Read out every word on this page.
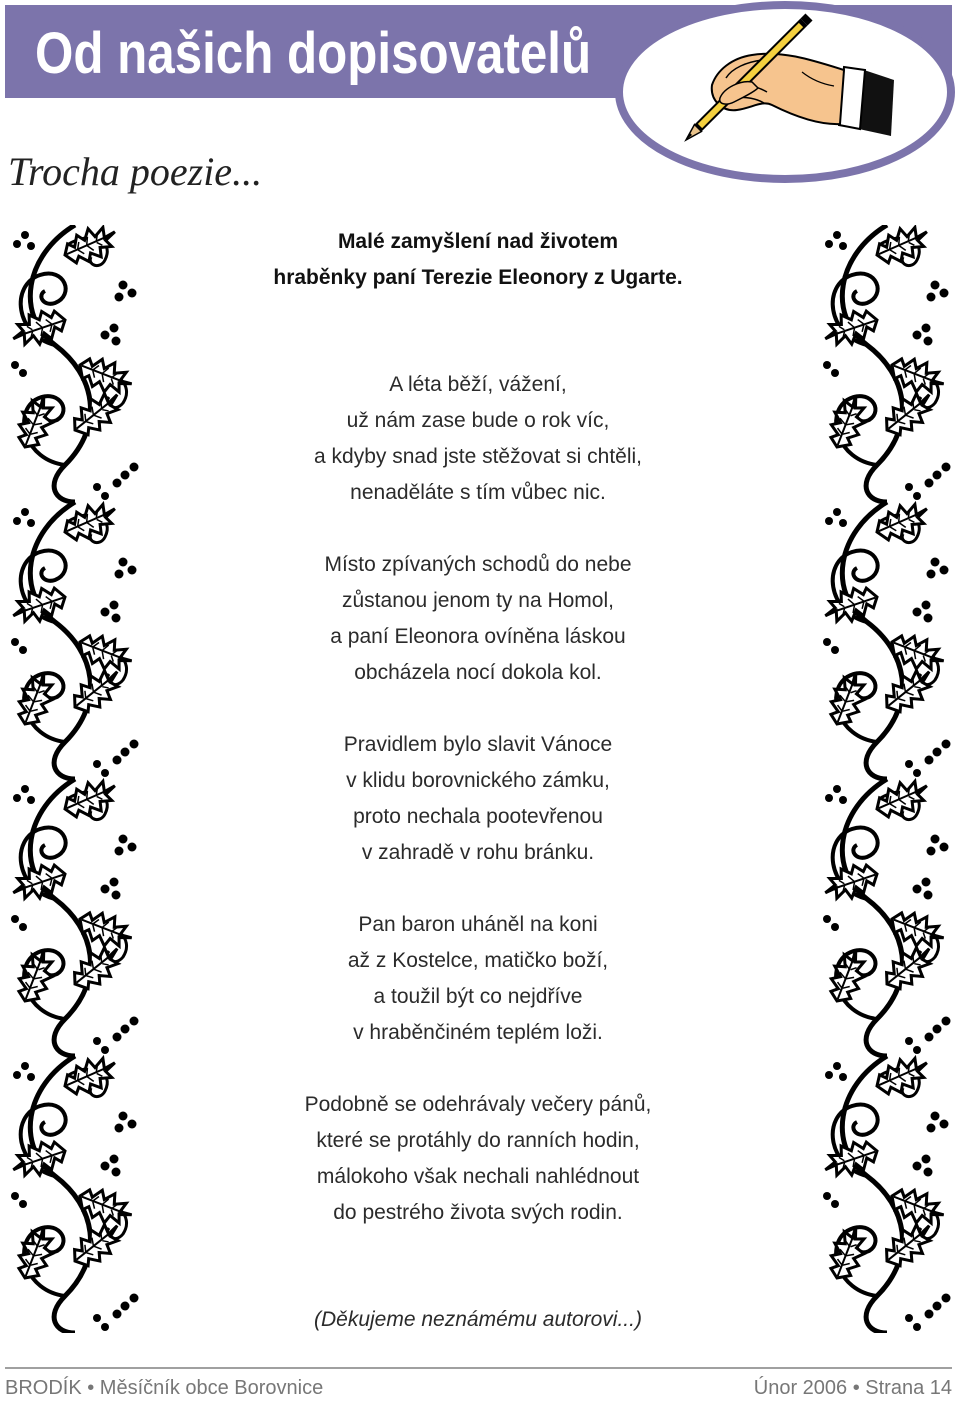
Od našich dopisovatelů
Trocha poezie...
Malé zamyšlení nad životem
hraběnky paní Terezie Eleonory z Ugarte.
A léta běží, vážení,
už nám zase bude o rok víc,
a kdyby snad jste stěžovat si chtěli,
nenaděláte s tím vůbec nic.
Místo zpívaných schodů do nebe
zůstanou jenom ty na Homol,
a paní Eleonora ovíněna láskou
obcházela nocí dokola kol.
Pravidlem bylo slavit Vánoce
v klidu borovnického zámku,
proto nechala pootevřenou
v zahradě v rohu bránku.
Pan baron uháněl na koni
až z Kostelce, matičko boží,
a toužil být co nejdříve
v hraběnčiném teplém loži.
Podobně se odehrávaly večery pánů,
které se protáhly do ranních hodin,
málokoho však nechali nahlédnout
do pestrého života svých rodin.
(Děkujeme neznámému autorovi...)
BRODÍK • Měsíčník obce Borovnice	Únor 2006 • Strana 14
